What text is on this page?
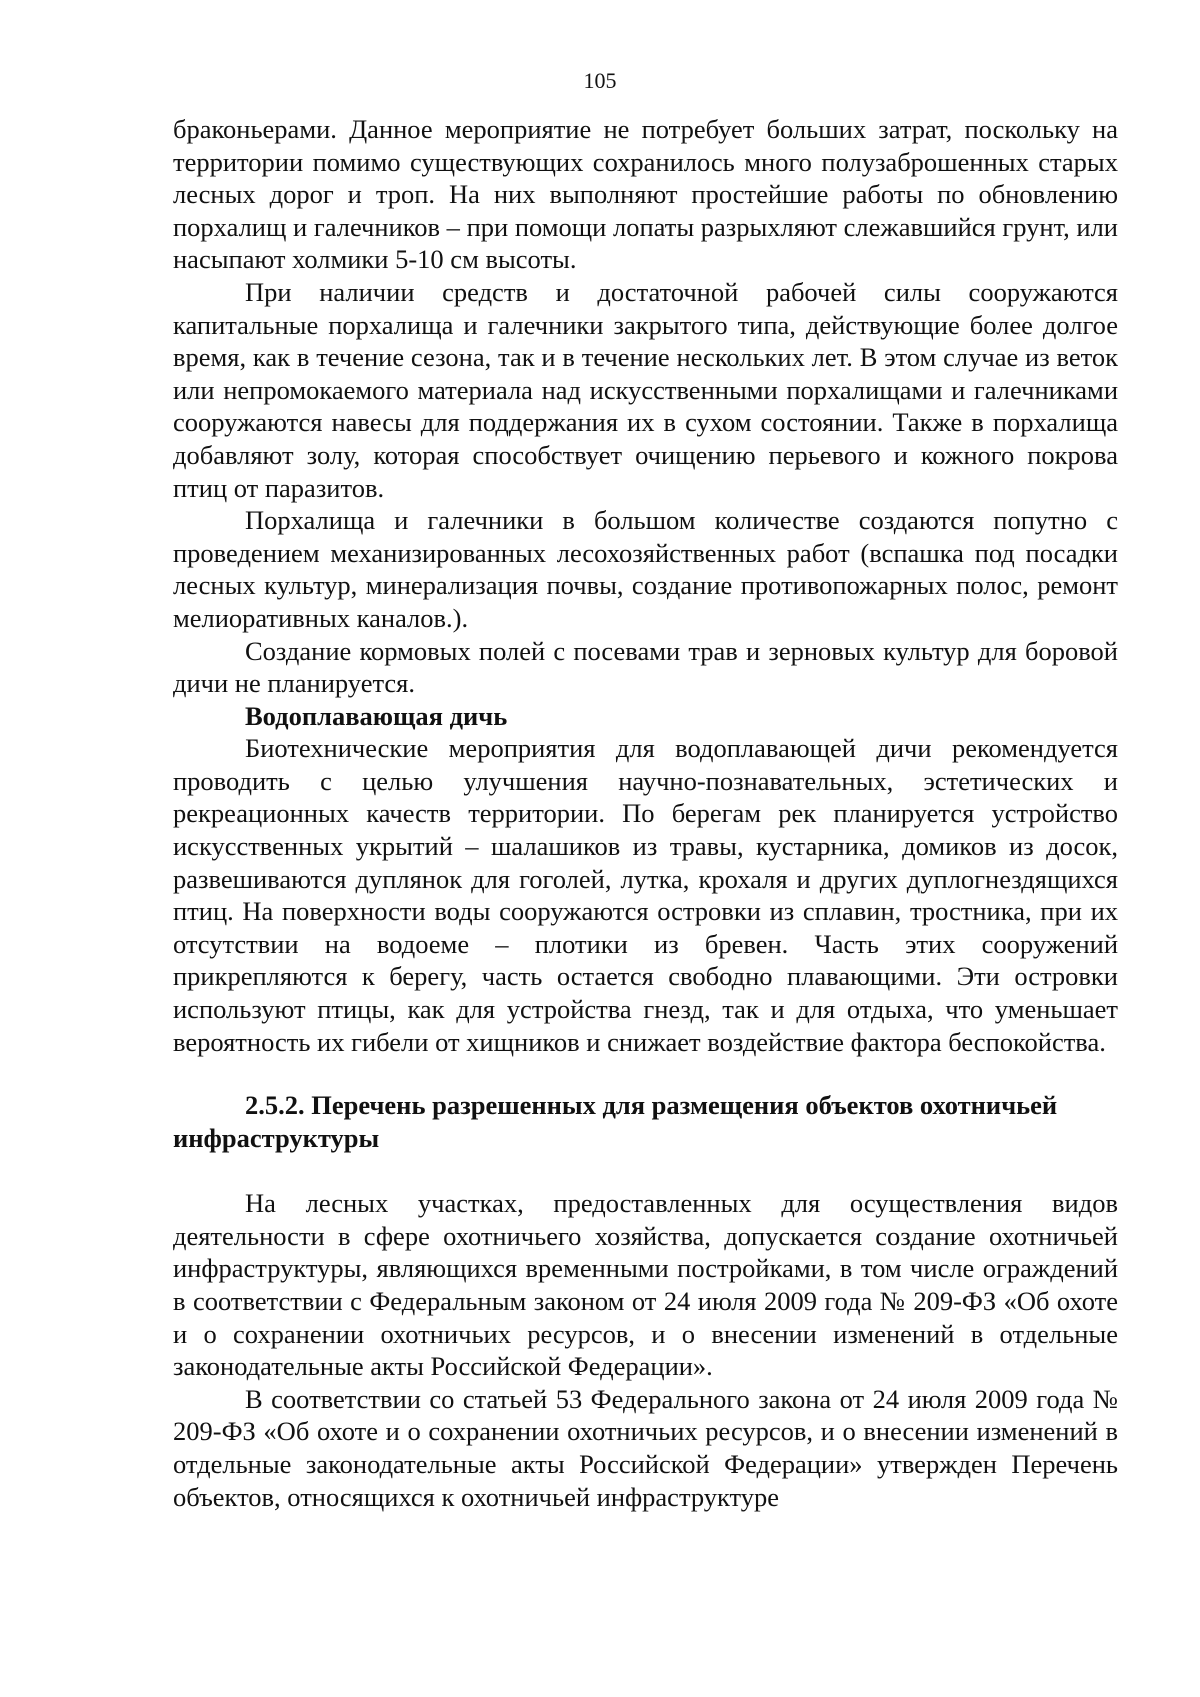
105

браконьерами. Данное мероприятие не потребует больших затрат, поскольку на территории помимо существующих сохранилось много полузаброшенных старых лесных дорог и троп. На них выполняют простейшие работы по обновлению порхалищ и галечников – при помощи лопаты разрыхляют слежавшийся грунт, или насыпают холмики 5-10 см высоты.

При наличии средств и достаточной рабочей силы сооружаются капитальные порхалища и галечники закрытого типа, действующие более долгое время, как в течение сезона, так и в течение нескольких лет. В этом случае из веток или непромокаемого материала над искусственными порхалищами и галечниками сооружаются навесы для поддержания их в сухом состоянии. Также в порхалища добавляют золу, которая способствует очищению перьевого и кожного покрова птиц от паразитов.

Порхалища и галечники в большом количестве создаются попутно с проведением механизированных лесохозяйственных работ (вспашка под посадки лесных культур, минерализация почвы, создание противопожарных полос, ремонт мелиоративных каналов.).

Создание кормовых полей с посевами трав и зерновых культур для боровой дичи не планируется.

Водоплавающая дичь

Биотехнические мероприятия для водоплавающей дичи рекомендуется проводить с целью улучшения научно-познавательных, эстетических и рекреационных качеств территории. По берегам рек планируется устройство искусственных укрытий – шалашиков из травы, кустарника, домиков из досок, развешиваются дуплянок для гоголей, лутка, крохаля и других дуплогнездящихся птиц. На поверхности воды сооружаются островки из сплавин, тростника, при их отсутствии на водоеме – плотики из бревен. Часть этих сооружений прикрепляются к берегу, часть остается свободно плавающими. Эти островки используют птицы, как для устройства гнезд, так и для отдыха, что уменьшает вероятность их гибели от хищников и снижает воздействие фактора беспокойства.

2.5.2. Перечень разрешенных для размещения объектов охотничьей инфраструктуры

На лесных участках, предоставленных для осуществления видов деятельности в сфере охотничьего хозяйства, допускается создание охотничьей инфраструктуры, являющихся временными постройками, в том числе ограждений в соответствии с Федеральным законом от 24 июля 2009 года № 209-ФЗ «Об охоте и о сохранении охотничьих ресурсов, и о внесении изменений в отдельные законодательные акты Российской Федерации».

В соответствии со статьей 53 Федерального закона от 24 июля 2009 года № 209-ФЗ «Об охоте и о сохранении охотничьих ресурсов, и о внесении изменений в отдельные законодательные акты Российской Федерации» утвержден Перечень объектов, относящихся к охотничьей инфраструктуре
